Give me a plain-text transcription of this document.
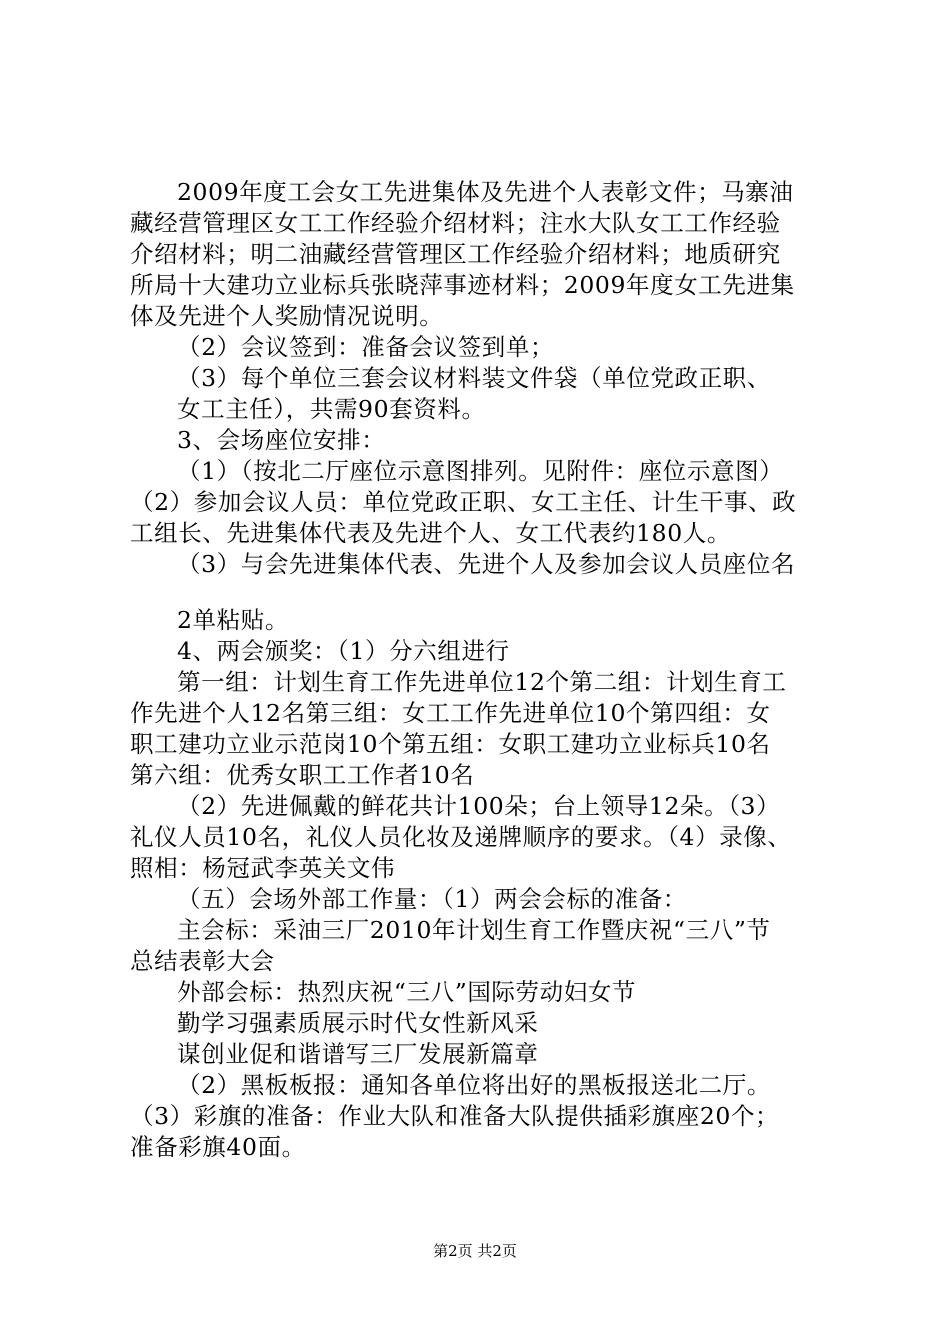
2009年度工会女工先进集体及先进个人表彰文件；马寨油
藏经营管理区女工工作经验介绍材料；注水大队女工工作经验
介绍材料；明二油藏经营管理区工作经验介绍材料；地质研究
所局十大建功立业标兵张晓萍事迹材料；2009年度女工先进集
体及先进个人奖励情况说明。
（2）会议签到：准备会议签到单；
（3）每个单位三套会议材料装文件袋（单位党政正职、
女工主任），共需90套资料。
3、会场座位安排：
（1）（按北二厅座位示意图排列。见附件：座位示意图）
（2）参加会议人员：单位党政正职、女工主任、计生干事、政
工组长、先进集体代表及先进个人、女工代表约180人。
（3）与会先进集体代表、先进个人及参加会议人员座位名
2单粘贴。
4、两会颁奖：（1）分六组进行
第一组：计划生育工作先进单位12个第二组：计划生育工
作先进个人12名第三组：女工工作先进单位10个第四组：女
职工建功立业示范岗10个第五组：女职工建功立业标兵10名
第六组：优秀女职工工作者10名
（2）先进佩戴的鲜花共计100朵；台上领导12朵。（3）
礼仪人员10名，礼仪人员化妆及递牌顺序的要求。（4）录像、
照相：杨冠武李英关文伟
（五）会场外部工作量：（1）两会会标的准备：
主会标：采油三厂2010年计划生育工作暨庆祝“三八”节
总结表彰大会
外部会标：热烈庆祝“三八”国际劳动妇女节
勤学习强素质展示时代女性新风采
谋创业促和谐谱写三厂发展新篇章
（2）黑板板报：通知各单位将出好的黑板报送北二厅。
（3）彩旗的准备：作业大队和准备大队提供插彩旗座20个；
准备彩旗40面。
第2页 共2页
